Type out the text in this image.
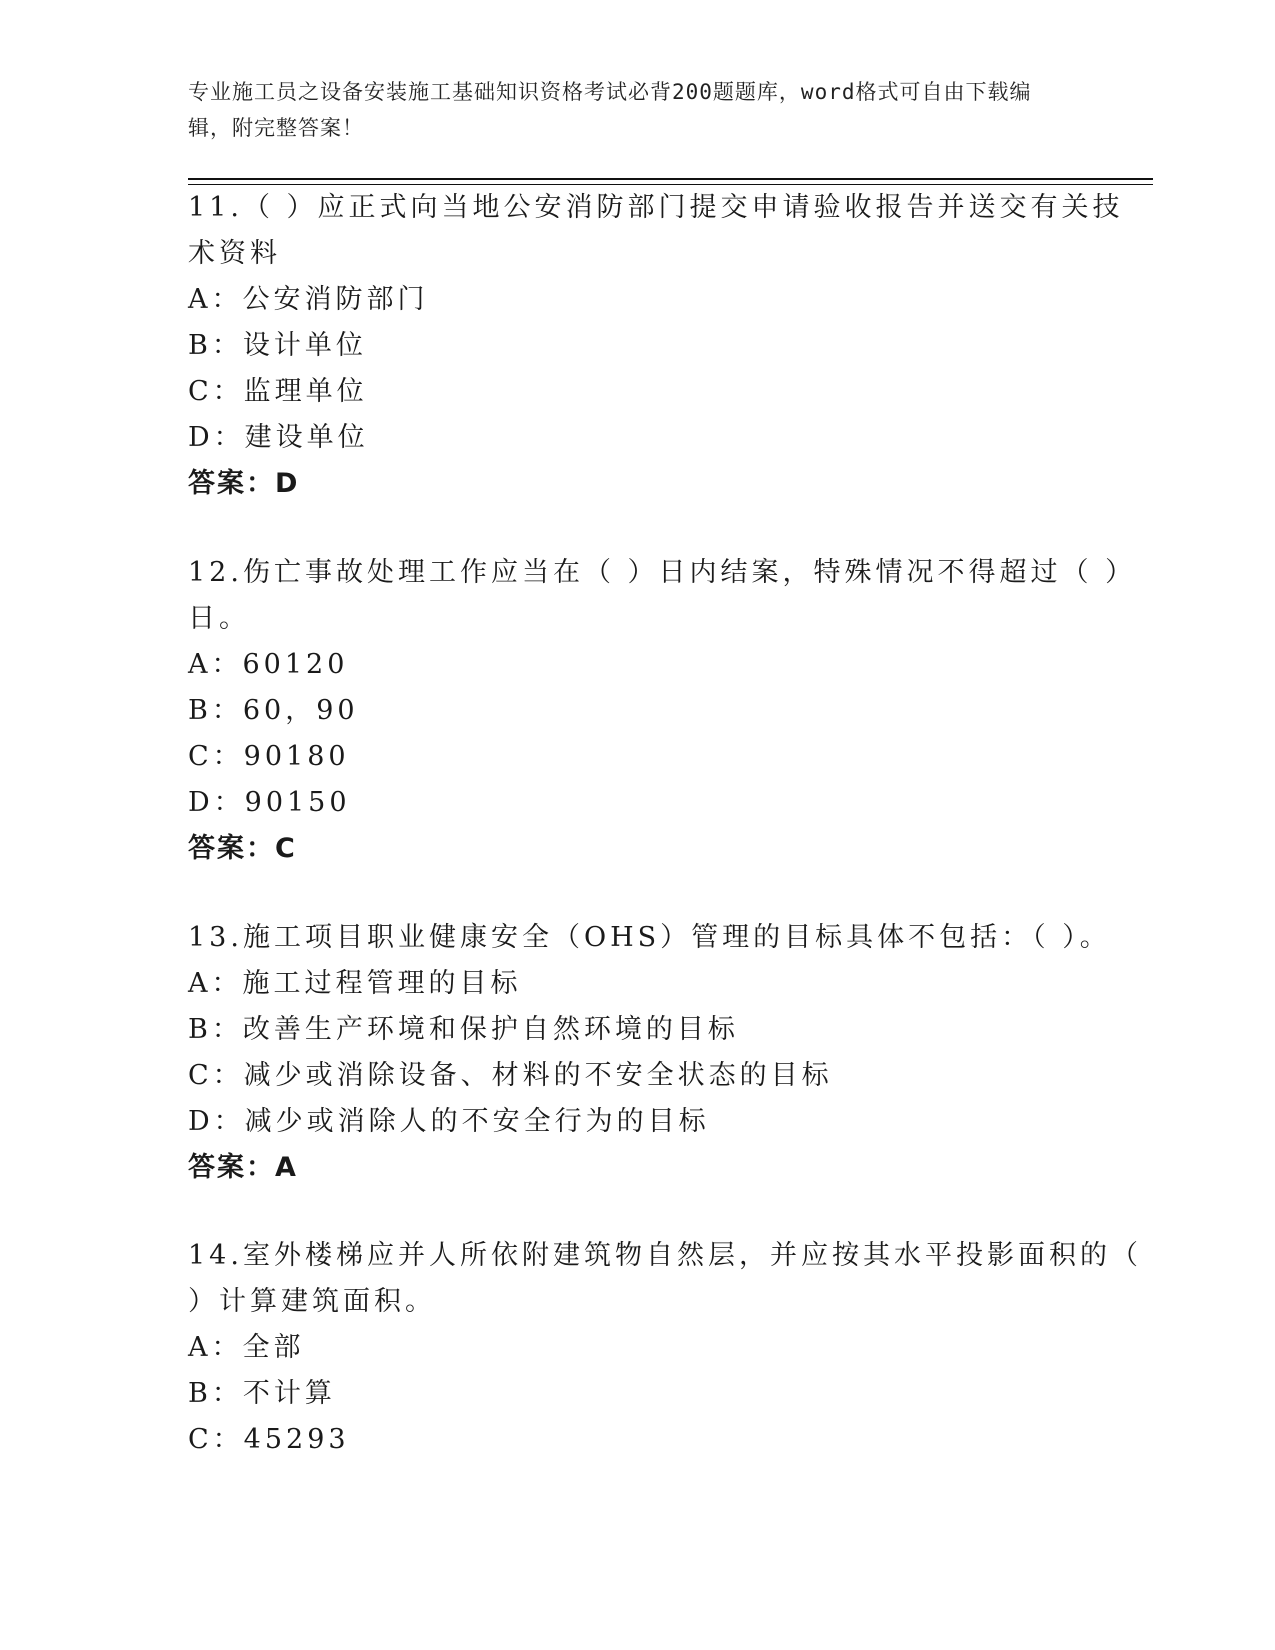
专业施工员之设备安装施工基础知识资格考试必背200题题库，word格式可自由下载编辑，附完整答案！
11.（ ）应正式向当地公安消防部门提交申请验收报告并送交有关技
术资料
A：公安消防部门
B：设计单位
C：监理单位
D：建设单位
答案：D
12.伤亡事故处理工作应当在（ ）日内结案，特殊情况不得超过（ ）
日。
A：60120
B：60，90
C：90180
D：90150
答案：C
13.施工项目职业健康安全（OHS）管理的目标具体不包括：（ ）。
A：施工过程管理的目标
B：改善生产环境和保护自然环境的目标
C：减少或消除设备、材料的不安全状态的目标
D：减少或消除人的不安全行为的目标
答案：A
14.室外楼梯应并人所依附建筑物自然层，并应按其水平投影面积的（
）计算建筑面积。
A：全部
B：不计算
C：45293
